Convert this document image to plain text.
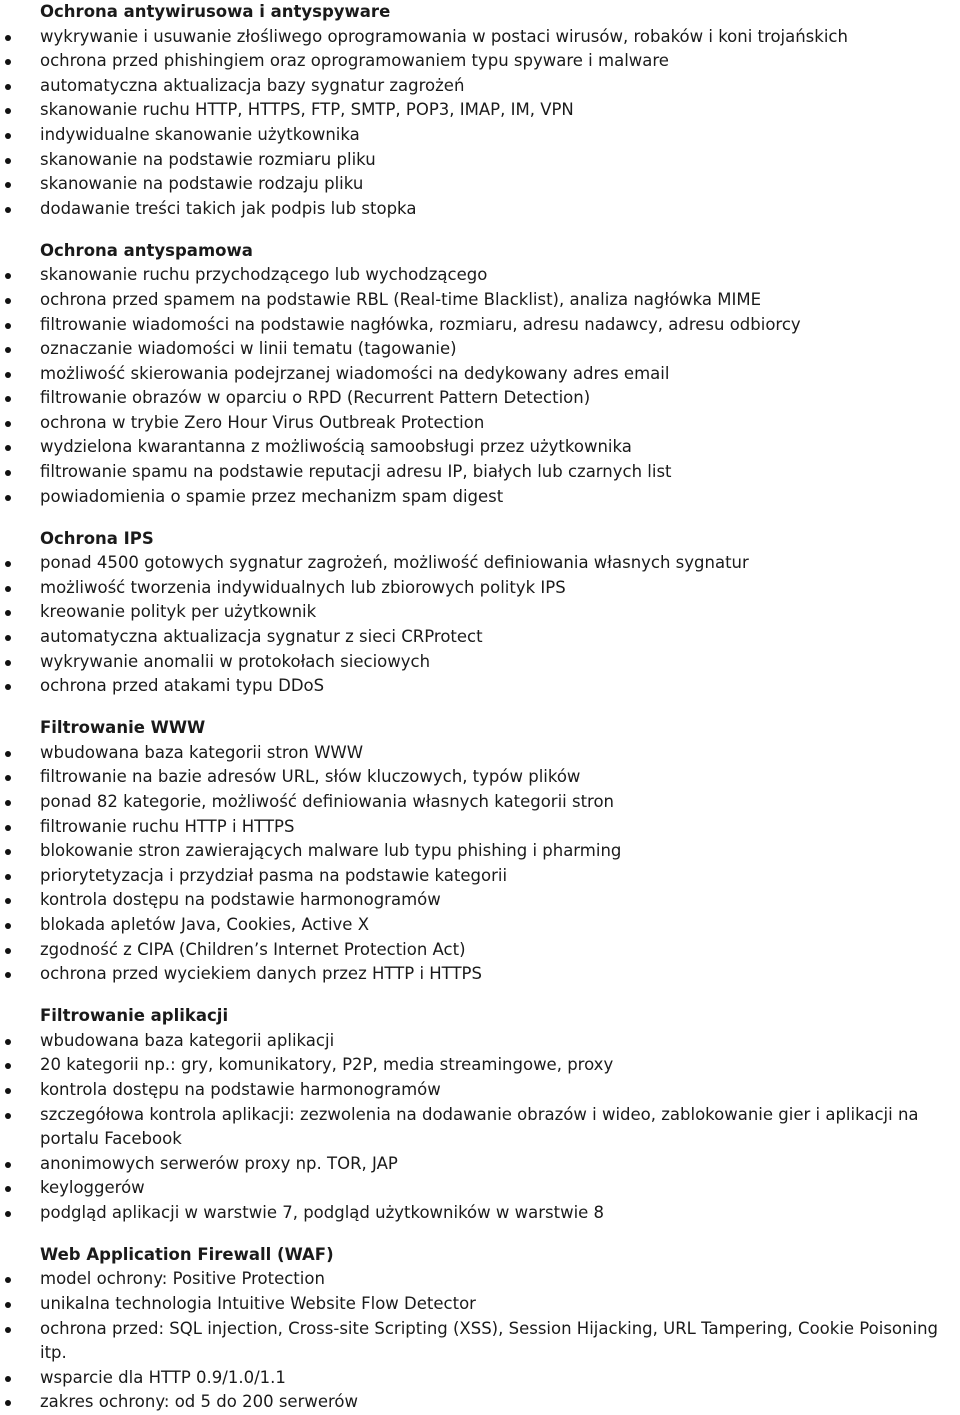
Ochrona antywirusowa i antyspyware
wykrywanie i usuwanie złośliwego oprogramowania w postaci wirusów, robaków i koni trojańskich
ochrona przed phishingiem oraz oprogramowaniem typu spyware i malware
automatyczna aktualizacja bazy sygnatur zagrożeń
skanowanie ruchu HTTP, HTTPS, FTP, SMTP, POP3, IMAP, IM, VPN
indywidualne skanowanie użytkownika
skanowanie na podstawie rozmiaru pliku
skanowanie na podstawie rodzaju pliku
dodawanie treści takich jak podpis lub stopka
Ochrona antyspamowa
skanowanie ruchu przychodzącego lub wychodzącego
ochrona przed spamem na podstawie RBL (Real-time Blacklist), analiza nagłówka MIME
filtrowanie wiadomości na podstawie nagłówka, rozmiaru, adresu nadawcy, adresu odbiorcy
oznaczanie wiadomości w linii tematu (tagowanie)
możliwość skierowania podejrzanej wiadomości na dedykowany adres email
filtrowanie obrazów w oparciu o RPD (Recurrent Pattern Detection)
ochrona w trybie Zero Hour Virus Outbreak Protection
wydzielona kwarantanna z możliwością samoobsługi przez użytkownika
filtrowanie spamu na podstawie reputacji adresu IP, białych lub czarnych list
powiadomienia o spamie przez mechanizm spam digest
Ochrona IPS
ponad 4500 gotowych sygnatur zagrożeń, możliwość definiowania własnych sygnatur
możliwość tworzenia indywidualnych lub zbiorowych polityk IPS
kreowanie polityk per użytkownik
automatyczna aktualizacja sygnatur z sieci CRProtect
wykrywanie anomalii w protokołach sieciowych
ochrona przed atakami typu DDoS
Filtrowanie WWW
wbudowana baza kategorii stron WWW
filtrowanie na bazie adresów URL, słów kluczowych, typów plików
ponad 82 kategorie, możliwość definiowania własnych kategorii stron
filtrowanie ruchu HTTP i HTTPS
blokowanie stron zawierających malware lub typu phishing i pharming
priorytetyzacja i przydział pasma na podstawie kategorii
kontrola dostępu na podstawie harmonogramów
blokada apletów Java, Cookies, Active X
zgodność z CIPA (Children’s Internet Protection Act)
ochrona przed wyciekiem danych przez HTTP i HTTPS
Filtrowanie aplikacji
wbudowana baza kategorii aplikacji
20 kategorii np.: gry, komunikatory, P2P, media streamingowe, proxy
kontrola dostępu na podstawie harmonogramów
szczegółowa kontrola aplikacji: zezwolenia na dodawanie obrazów i wideo, zablokowanie gier i aplikacji na portalu Facebook
anonimowych serwerów proxy np. TOR, JAP
keyloggerów
podgląd aplikacji w warstwie 7, podgląd użytkowników w warstwie 8
Web Application Firewall (WAF)
model ochrony: Positive Protection
unikalna technologia Intuitive Website Flow Detector
ochrona przed: SQL injection, Cross-site Scripting (XSS), Session Hijacking, URL Tampering, Cookie Poisoning itp.
wsparcie dla HTTP 0.9/1.0/1.1
zakres ochrony: od 5 do 200 serwerów
